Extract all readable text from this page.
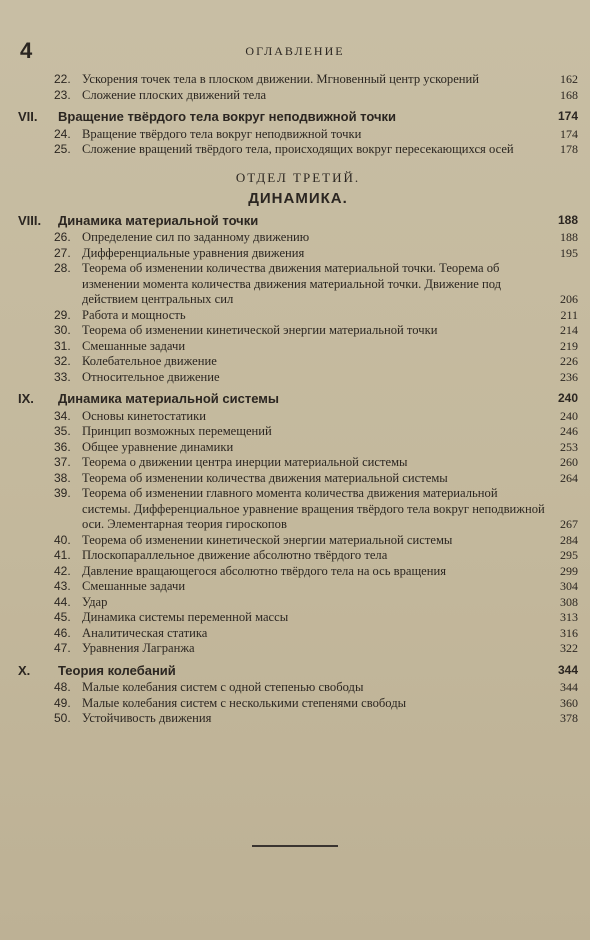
4	ОГЛАВЛЕНИЕ
22. Ускорения точек тела в плоском движении. Мгновенный центр ускорений	162
23. Сложение плоских движений тела	168
VII. Вращение твёрдого тела вокруг неподвижной точки	174
24. Вращение твёрдого тела вокруг неподвижной точки	174
25. Сложение вращений твёрдого тела, происходящих вокруг пересекающихся осей	178
ОТДЕЛ ТРЕТИЙ.
ДИНАМИКА.
VIII. Динамика материальной точки	188
26. Определение сил по заданному движению	188
27. Дифференциальные уравнения движения	195
28. Теорема об изменении количества движения материальной точки. Теорема об изменении момента количества движения материальной точки. Движение под действием центральных сил	206
29. Работа и мощность	211
30. Теорема об изменении кинетической энергии материальной точки	214
31. Смешанные задачи	219
32. Колебательное движение	226
33. Относительное движение	236
IX. Динамика материальной системы	240
34. Основы кинетостатики	240
35. Принцип возможных перемещений	246
36. Общее уравнение динамики	253
37. Теорема о движении центра инерции материальной системы	260
38. Теорема об изменении количества движения материальной системы	264
39. Теорема об изменении главного момента количества движения материальной системы. Дифференциальное уравнение вращения твёрдого тела вокруг неподвижной оси. Элементарная теория гироскопов	267
40. Теорема об изменении кинетической энергии материальной системы	284
41. Плоскопараллельное движение абсолютно твёрдого тела	295
42. Давление вращающегося абсолютно твёрдого тела на ось вращения	299
43. Смешанные задачи	304
44. Удар	308
45. Динамика системы переменной массы	313
46. Аналитическая статика	316
47. Уравнения Лагранжа	322
X. Теория колебаний	344
48. Малые колебания систем с одной степенью свободы	344
49. Малые колебания систем с несколькими степенями свободы	360
50. Устойчивость движения	378
